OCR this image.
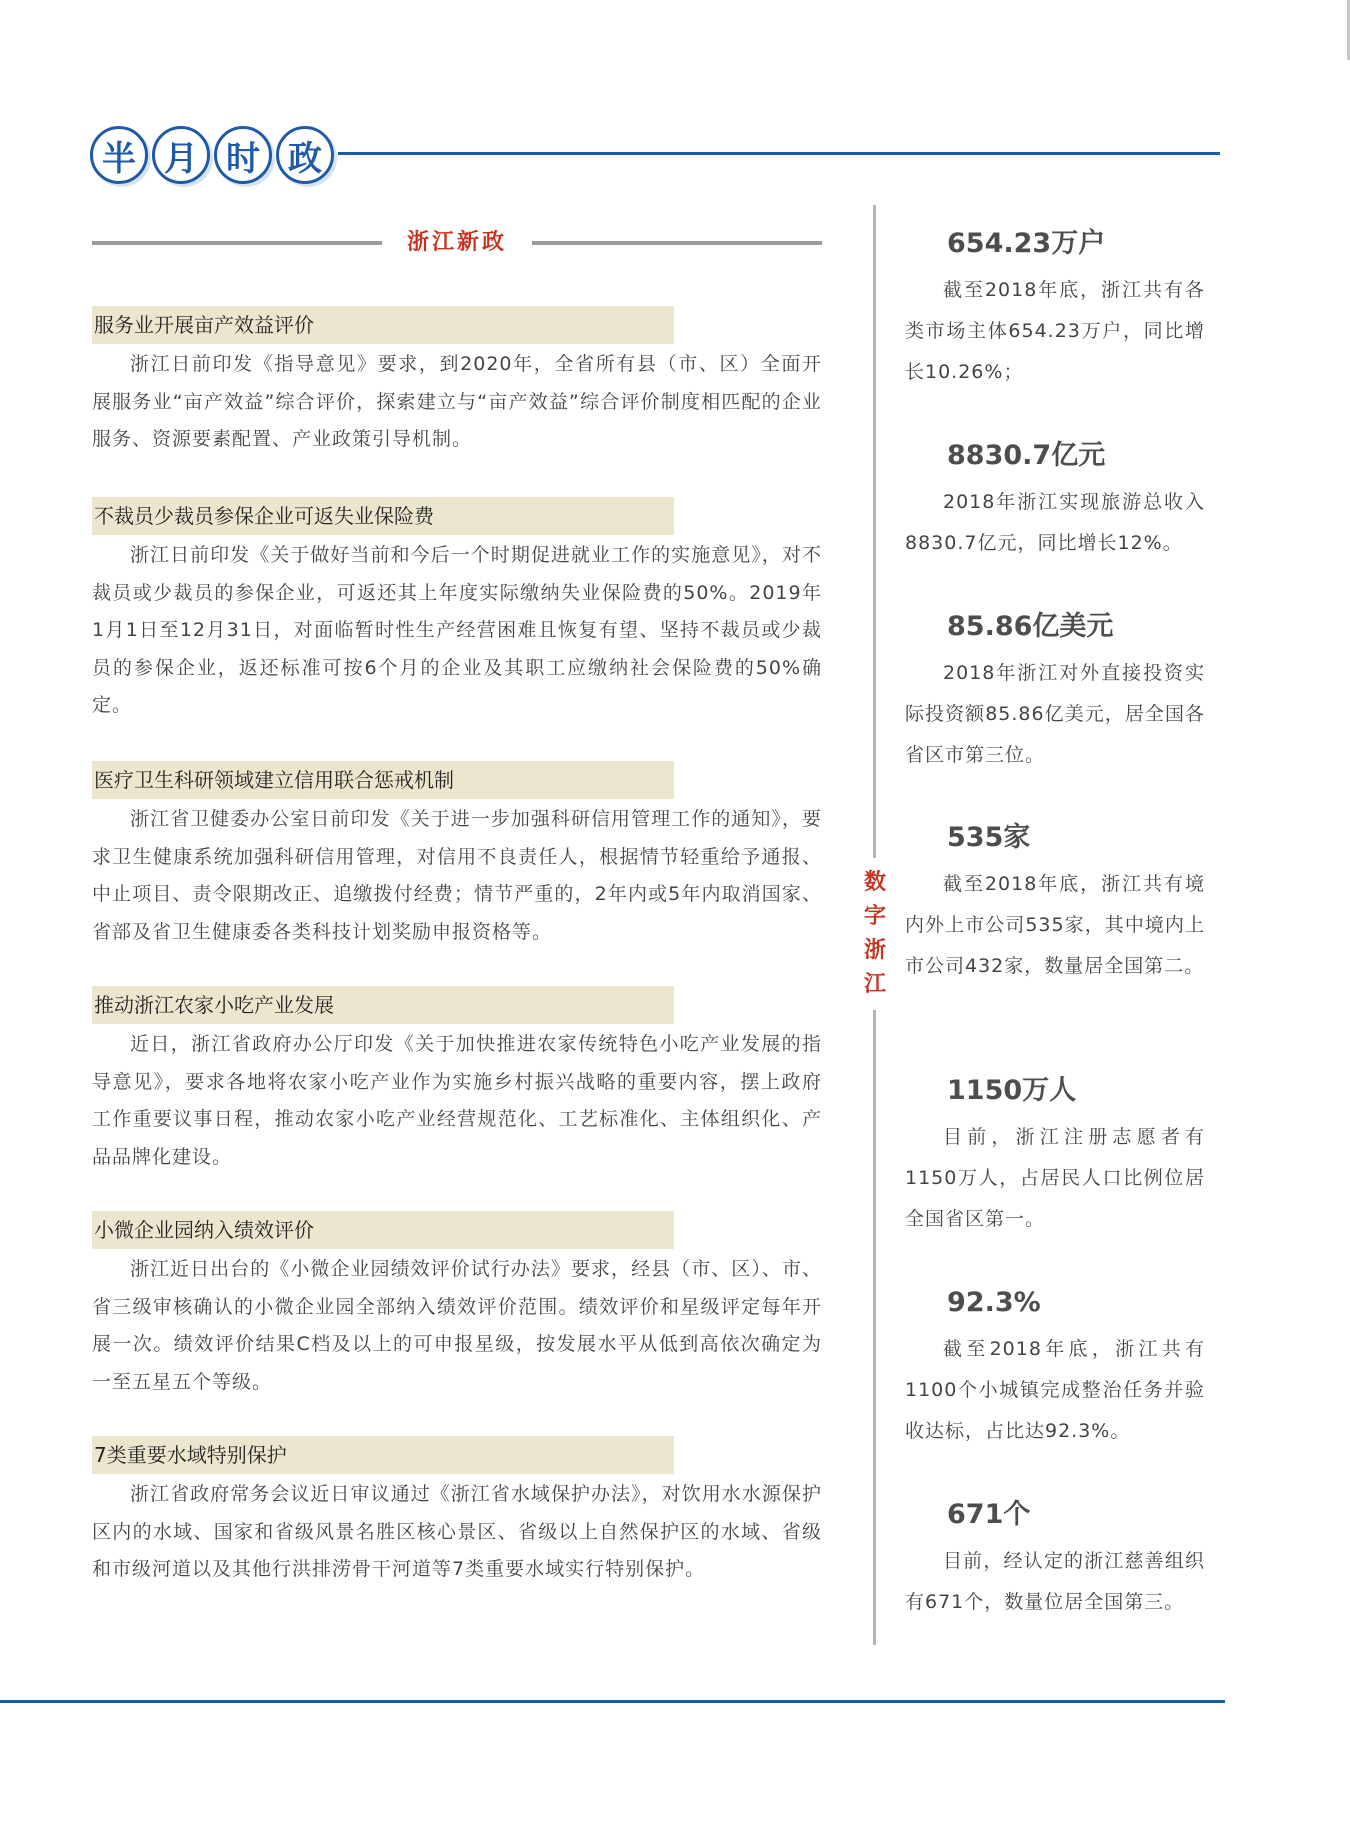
半 月 时 政
浙江新政
服务业开展亩产效益评价
浙江日前印发《指导意见》要求，到2020年，全省所有县（市、区）全面开展服务业“亩产效益”综合评价，探索建立与“亩产效益”综合评价制度相匹配的企业服务、资源要素配置、产业政策引导机制。
不裁员少裁员参保企业可返失业保险费
浙江日前印发《关于做好当前和今后一个时期促进就业工作的实施意见》，对不裁员或少裁员的参保企业，可返还其上年度实际缴纳失业保险费的50%。2019年1月1日至12月31日，对面临暂时性生产经营困难且恢复有望、坚持不裁员或少裁员的参保企业，返还标准可按6个月的企业及其职工应缴纳社会保险费的50%确定。
医疗卫生科研领域建立信用联合惩戒机制
浙江省卫健委办公室日前印发《关于进一步加强科研信用管理工作的通知》，要求卫生健康系统加强科研信用管理，对信用不良责任人，根据情节轻重给予通报、中止项目、责令限期改正、追缴拨付经费；情节严重的，2年内或5年内取消国家、省部及省卫生健康委各类科技计划奖励申报资格等。
推动浙江农家小吃产业发展
近日，浙江省政府办公厅印发《关于加快推进农家传统特色小吃产业发展的指导意见》，要求各地将农家小吃产业作为实施乡村振兴战略的重要内容，摆上政府工作重要议事日程，推动农家小吃产业经营规范化、工艺标准化、主体组织化、产品品牌化建设。
小微企业园纳入绩效评价
浙江近日出台的《小微企业园绩效评价试行办法》要求，经县（市、区）、市、省三级审核确认的小微企业园全部纳入绩效评价范围。绩效评价和星级评定每年开展一次。绩效评价结果C档及以上的可申报星级，按发展水平从低到高依次确定为一至五星五个等级。
7类重要水域特别保护
浙江省政府常务会议近日审议通过《浙江省水域保护办法》，对饮用水水源保护区内的水域、国家和省级风景名胜区核心景区、省级以上自然保护区的水域、省级和市级河道以及其他行洪排涝骨干河道等7类重要水域实行特别保护。
数
字
浙
江
654.23万户
截至2018年底，浙江共有各类市场主体654.23万户，同比增长10.26%；
8830.7亿元
2018年浙江实现旅游总收入8830.7亿元，同比增长12%。
85.86亿美元
2018年浙江对外直接投资实际投资额85.86亿美元，居全国各省区市第三位。
535家
截至2018年底，浙江共有境内外上市公司535家，其中境内上市公司432家，数量居全国第二。
1150万人
目前，浙江注册志愿者有1150万人，占居民人口比例位居全国省区第一。
92.3%
截至2018年底，浙江共有1100个小城镇完成整治任务并验收达标，占比达92.3%。
671个
目前，经认定的浙江慈善组织有671个，数量位居全国第三。
